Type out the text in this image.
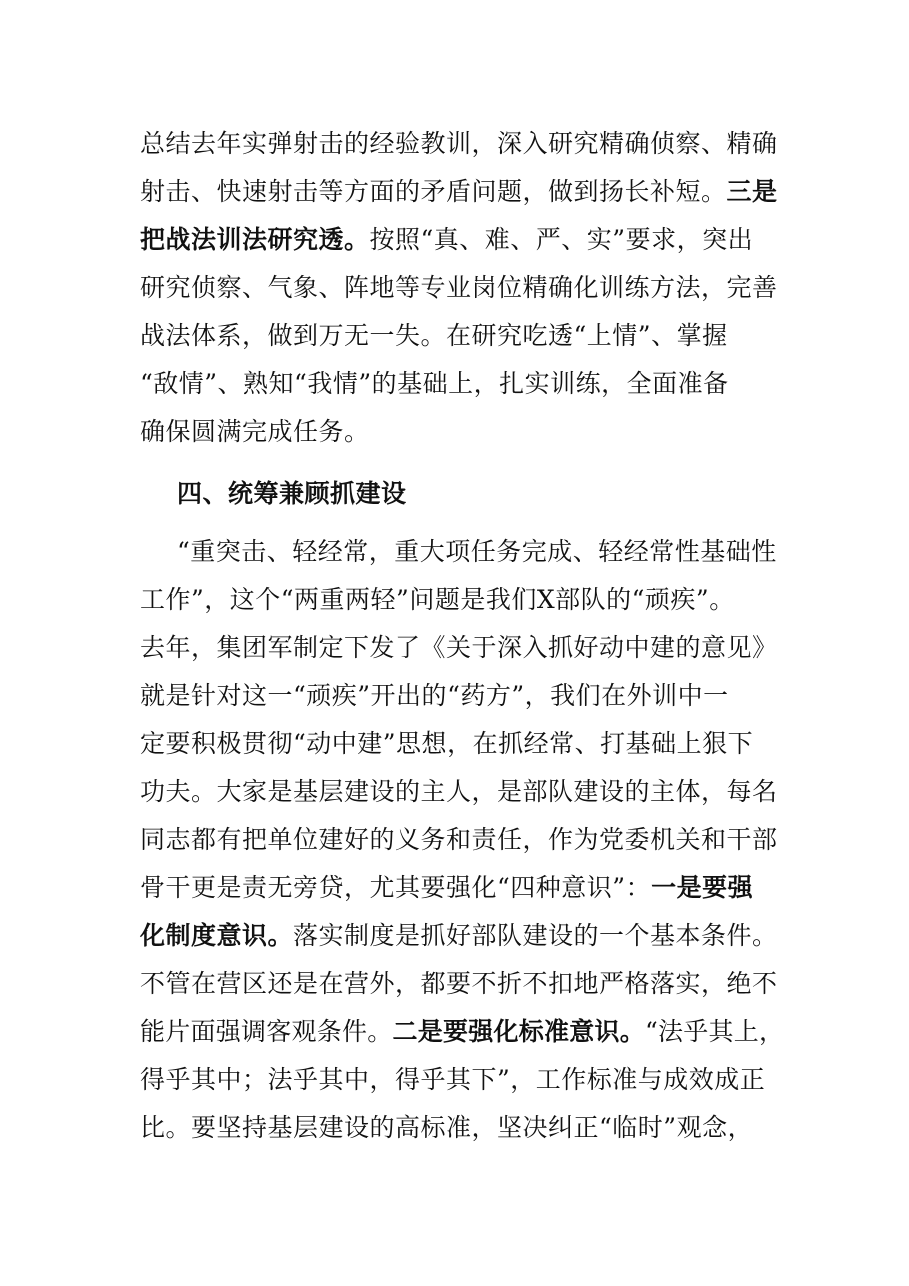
总结去年实弹射击的经验教训，深入研究精确侦察、精确
射击、快速射击等方面的矛盾问题，做到扬长补短。三是
把战法训法研究透。按照“真、难、严、实”要求，突出
研究侦察、气象、阵地等专业岗位精确化训练方法，完善
战法体系，做到万无一失。在研究吃透“上情”、掌握
“敌情”、熟知“我情”的基础上，扎实训练，全面准备
确保圆满完成任务。
四、统筹兼顾抓建设
“重突击、轻经常，重大项任务完成、轻经常性基础性
工作”，这个“两重两轻”问题是我们X部队的“顽疾”。
去年，集团军制定下发了《关于深入抓好动中建的意见》
就是针对这一“顽疾”开出的“药方”，我们在外训中一
定要积极贯彻“动中建”思想，在抓经常、打基础上狠下
功夫。大家是基层建设的主人，是部队建设的主体，每名
同志都有把单位建好的义务和责任，作为党委机关和干部
骨干更是责无旁贷，尤其要强化“四种意识”：一是要强
化制度意识。落实制度是抓好部队建设的一个基本条件。
不管在营区还是在营外，都要不折不扣地严格落实，绝不
能片面强调客观条件。二是要强化标准意识。“法乎其上，
得乎其中；法乎其中，得乎其下”，工作标准与成效成正
比。要坚持基层建设的高标准，坚决纠正“临时”观念，
